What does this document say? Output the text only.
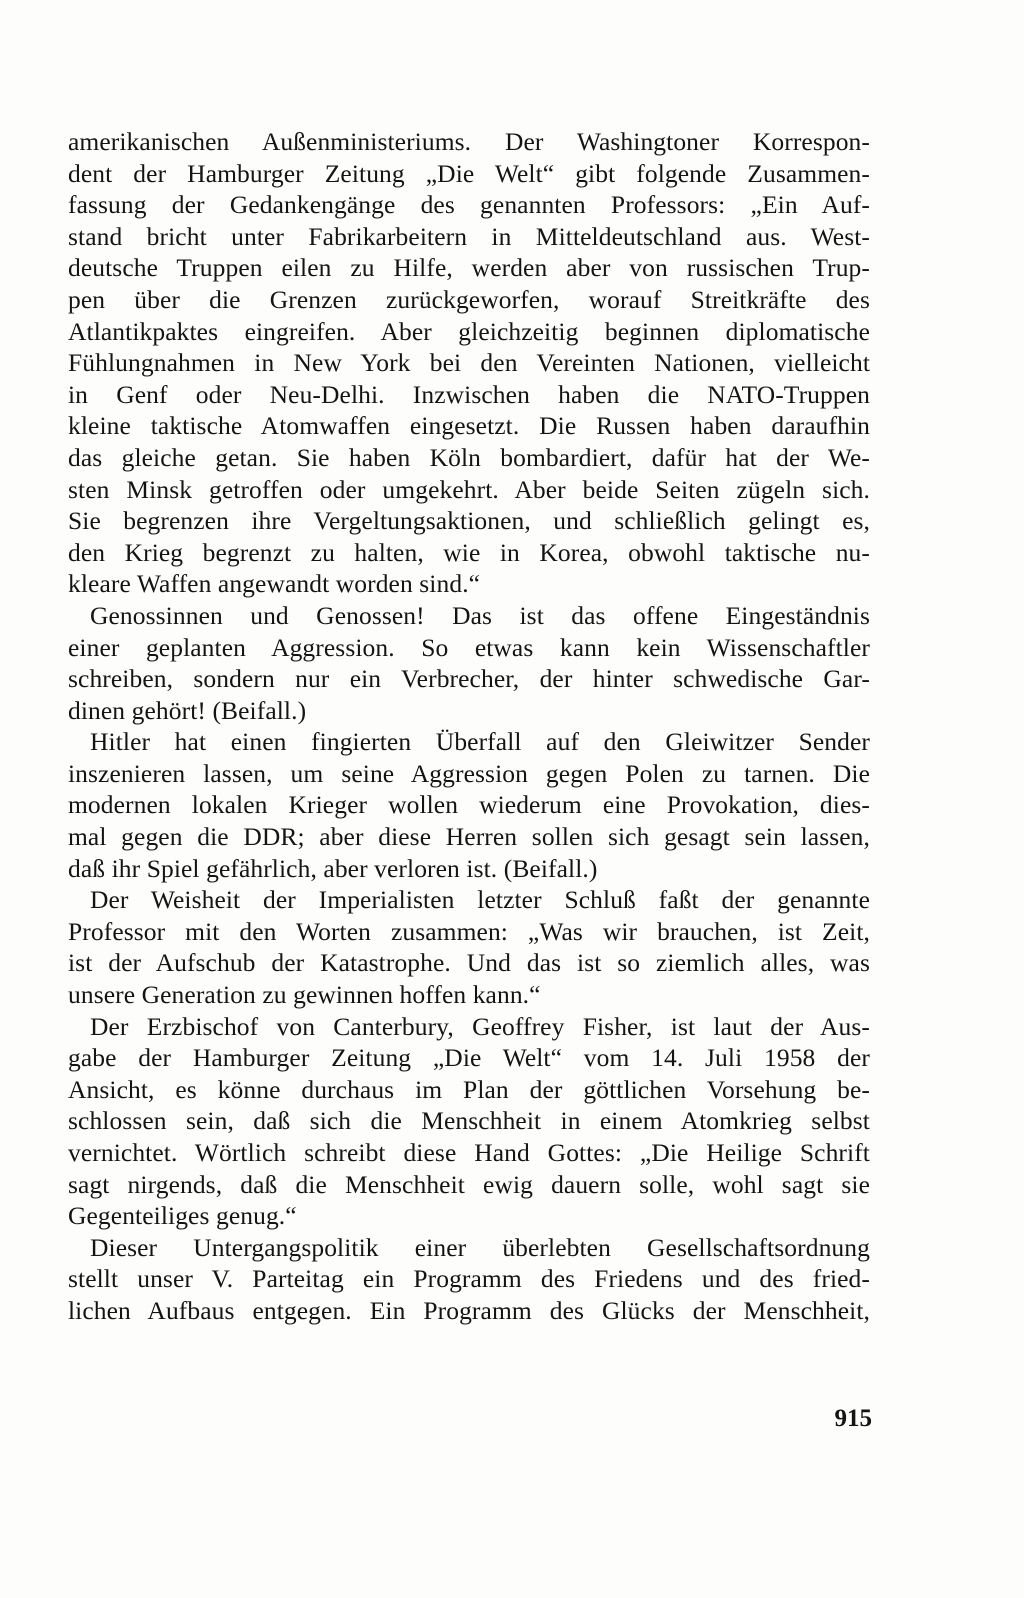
amerikanischen Außenministeriums. Der Washingtoner Korrespon-
dent der Hamburger Zeitung „Die Welt“ gibt folgende Zusammen-
fassung der Gedankengänge des genannten Professors: „Ein Auf-
stand bricht unter Fabrikarbeitern in Mitteldeutschland aus. West-
deutsche Truppen eilen zu Hilfe, werden aber von russischen Trup-
pen über die Grenzen zurückgeworfen, worauf Streitkräfte des
Atlantikpaktes eingreifen. Aber gleichzeitig beginnen diplomatische
Fühlungnahmen in New York bei den Vereinten Nationen, vielleicht
in Genf oder Neu-Delhi. Inzwischen haben die NATO-Truppen
kleine taktische Atomwaffen eingesetzt. Die Russen haben daraufhin
das gleiche getan. Sie haben Köln bombardiert, dafür hat der We-
sten Minsk getroffen oder umgekehrt. Aber beide Seiten zügeln sich.
Sie begrenzen ihre Vergeltungsaktionen, und schließlich gelingt es,
den Krieg begrenzt zu halten, wie in Korea, obwohl taktische nu-
kleare Waffen angewandt worden sind.“
Genossinnen und Genossen! Das ist das offene Eingeständnis
einer geplanten Aggression. So etwas kann kein Wissenschaftler
schreiben, sondern nur ein Verbrecher, der hinter schwedische Gar-
dinen gehört! (Beifall.)
Hitler hat einen fingierten Überfall auf den Gleiwitzer Sender
inszenieren lassen, um seine Aggression gegen Polen zu tarnen. Die
modernen lokalen Krieger wollen wiederum eine Provokation, dies-
mal gegen die DDR; aber diese Herren sollen sich gesagt sein lassen,
daß ihr Spiel gefährlich, aber verloren ist. (Beifall.)
Der Weisheit der Imperialisten letzter Schluß faßt der genannte
Professor mit den Worten zusammen: „Was wir brauchen, ist Zeit,
ist der Aufschub der Katastrophe. Und das ist so ziemlich alles, was
unsere Generation zu gewinnen hoffen kann.“
Der Erzbischof von Canterbury, Geoffrey Fisher, ist laut der Aus-
gabe der Hamburger Zeitung „Die Welt“ vom 14. Juli 1958 der
Ansicht, es könne durchaus im Plan der göttlichen Vorsehung be-
schlossen sein, daß sich die Menschheit in einem Atomkrieg selbst
vernichtet. Wörtlich schreibt diese Hand Gottes: „Die Heilige Schrift
sagt nirgends, daß die Menschheit ewig dauern solle, wohl sagt sie
Gegenteiliges genug.“
Dieser Untergangspolitik einer überlebten Gesellschaftsordnung
stellt unser V. Parteitag ein Programm des Friedens und des fried-
lichen Aufbaus entgegen. Ein Programm des Glücks der Menschheit,
915
